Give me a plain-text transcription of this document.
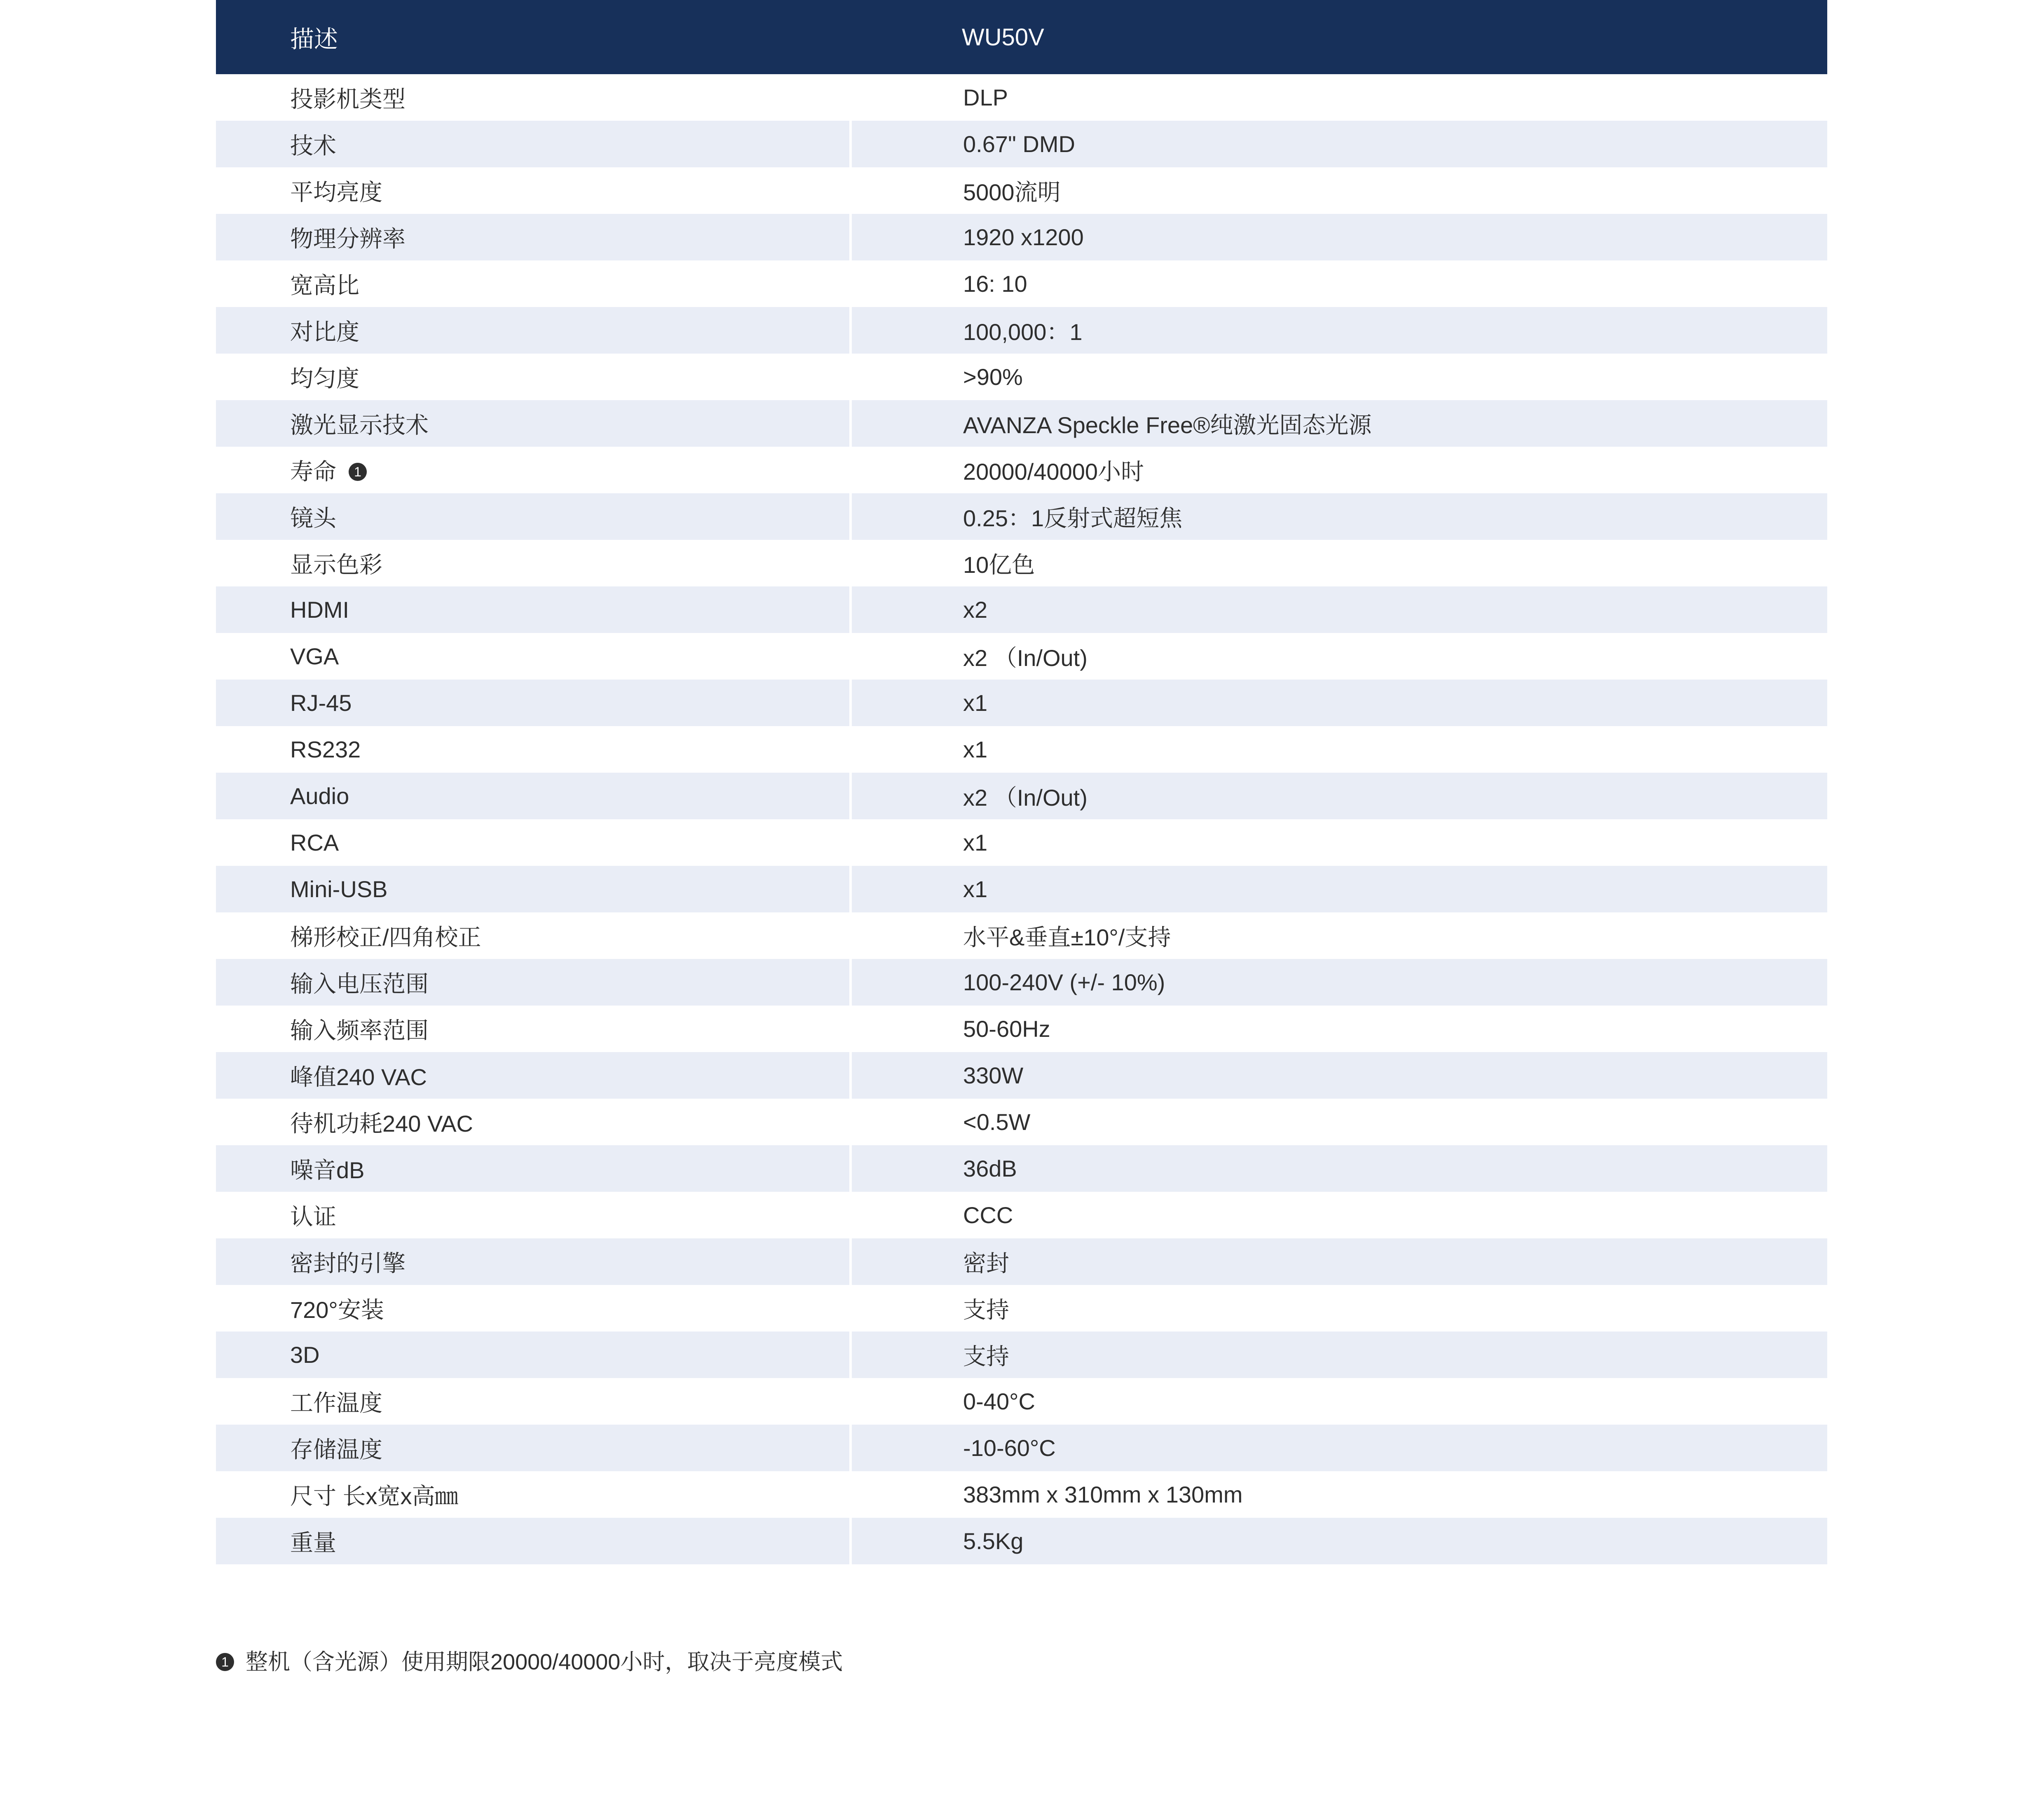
描述	WU50V
投影机类型	DLP
技术	0.67" DMD
平均亮度	5000流明
物理分辨率	1920 x1200
宽高比	16: 10
对比度	100,000：1
均匀度	>90%
激光显示技术	AVANZA Speckle Free®纯激光固态光源
寿命 1	20000/40000小时
镜头	0.25：1反射式超短焦
显示色彩	10亿色
HDMI	x2
VGA	x2 （In/Out)
RJ-45	x1
RS232	x1
Audio	x2 （In/Out)
RCA	x1
Mini-USB	x1
梯形校正/四角校正	水平&垂直±10°/支持
输入电压范围	100-240V (+/- 10%)
输入频率范围	50-60Hz
峰值240 VAC	330W
待机功耗240 VAC	<0.5W
噪音dB	36dB
认证	CCC
密封的引擎	密封
720°安装	支持
3D	支持
工作温度	0-40°C
存储温度	-10-60°C
尺寸 长x宽x高㎜	383mm x 310mm x 130mm
重量	5.5Kg
1 整机（含光源）使用期限20000/40000小时，取决于亮度模式
